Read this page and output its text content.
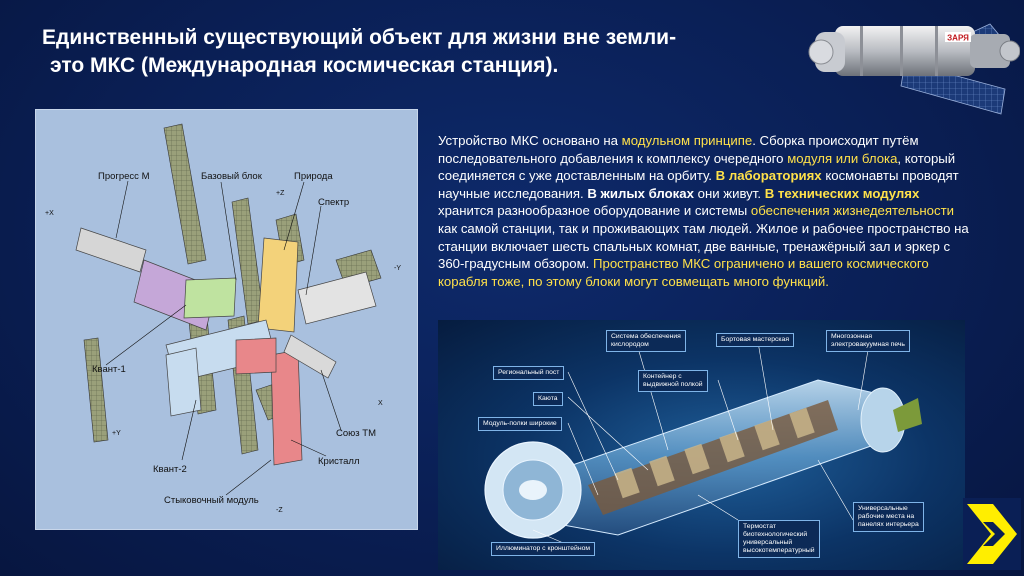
Единственный существующий объект для жизни вне земли-
это МКС (Международная космическая станция).
ЗАРЯ
Прогресс М	Базовый блок	Природа
Спектр
Квант-1
Квант-2
Союз ТМ
Кристалл
Стыковочный модуль
+X
+Z
-Y
X
+Y
-Z
Устройство МКС основано на модульном принципе. Сборка происходит путём последовательного добавления к комплексу очередного модуля или блока, который соединяется с уже доставленным на орбиту. В лабораториях космонавты проводят научные исследования. В жилых блоках они живут. В технических модулях хранится разнообразное оборудование и системы обеспечения жизнедеятельности как самой станции, так и проживающих там людей. Жилое и рабочее пространство на станции включает шесть спальных комнат, две ванные, тренажёрный зал и эркер с 360-градусным обзором. Пространство МКС ограничено и вашего космического корабля тоже, по этому блоки могут совмещать много функций.
Система обеспечения
кислородом
Бортовая мастерская	Многозонная
электровакуумная печь
Региональный пост
Контейнер с
выдвижной полкой
Каюта
Модуль-полки широкие
Универсальные
рабочие места на
панелях интерьера
Термостат
биотехнологический
универсальный
высокотемпературный
Иллюминатор с кронштейном
